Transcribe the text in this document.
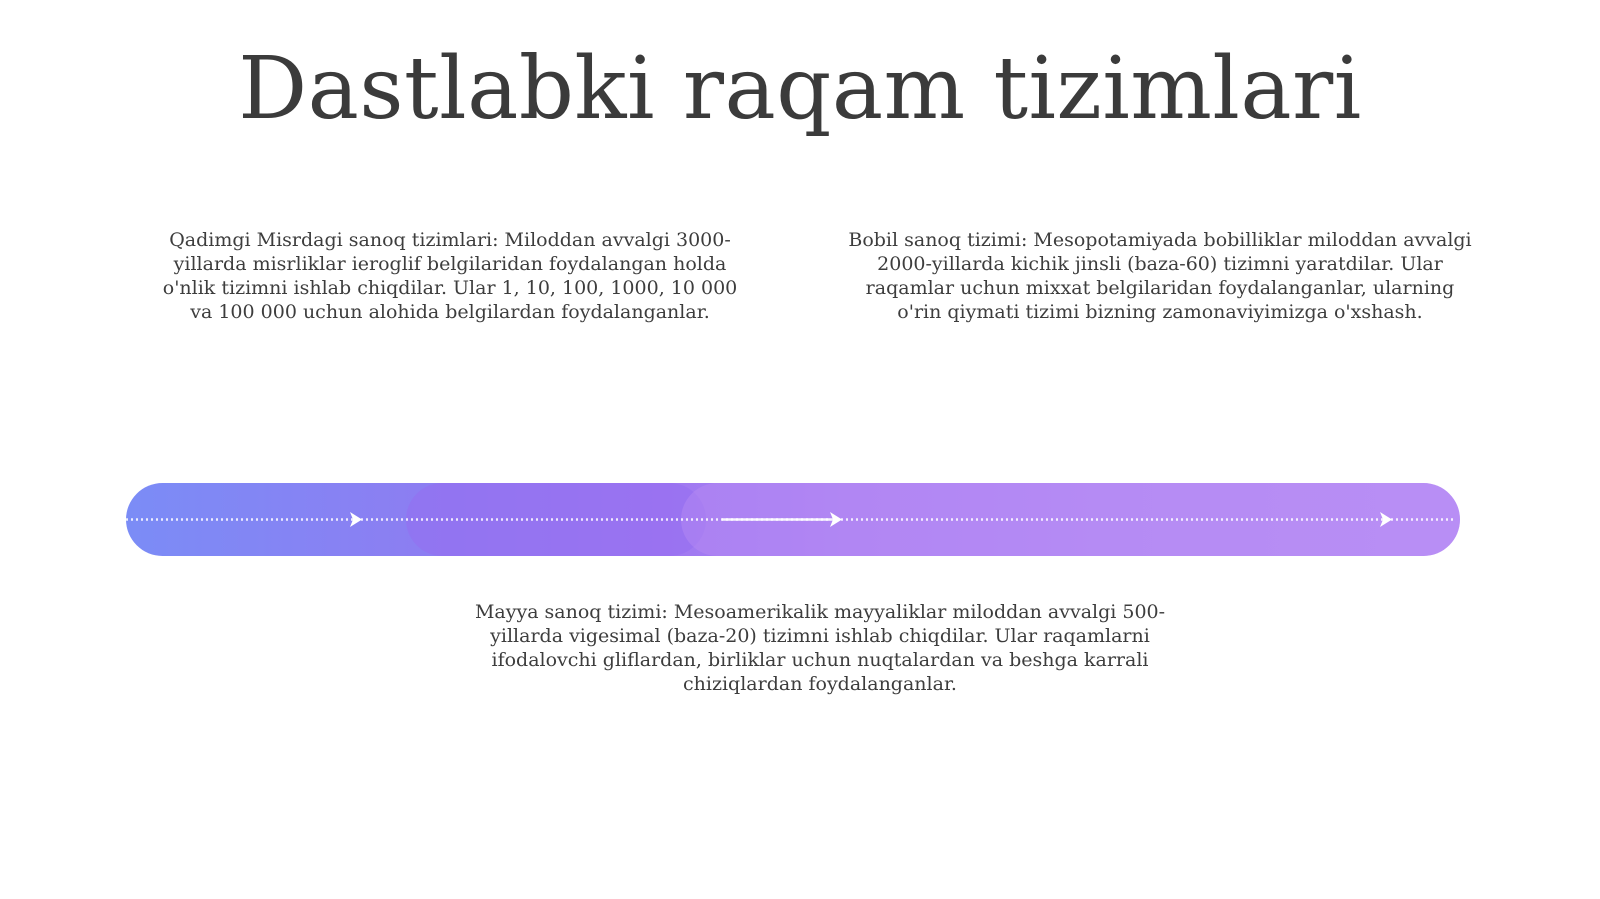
Dastlabki raqam tizimlari
Qadimgi Misrdagi sanoq tizimlari: Miloddan avvalgi 3000-yillarda misrliklar ieroglif belgilaridan foydalangan holda o'nlik tizimni ishlab chiqdilar. Ular 1, 10, 100, 1000, 10 000 va 100 000 uchun alohida belgilardan foydalanganlar.
Bobil sanoq tizimi: Mesopotamiyada bobilliklar miloddan avvalgi 2000-yillarda kichik jinsli (baza-60) tizimni yaratdilar. Ular raqamlar uchun mixxat belgilaridan foydalanganlar, ularning o'rin qiymati tizimi bizning zamonaviyimizga o'xshash.
Mayya sanoq tizimi: Mesoamerikalik mayyaliklar miloddan avvalgi 500-yillarda vigesimal (baza-20) tizimni ishlab chiqdilar. Ular raqamlarni ifodalovchi gliflardan, birliklar uchun nuqtalardan va beshga karrali chiziqlardan foydalanganlar.
